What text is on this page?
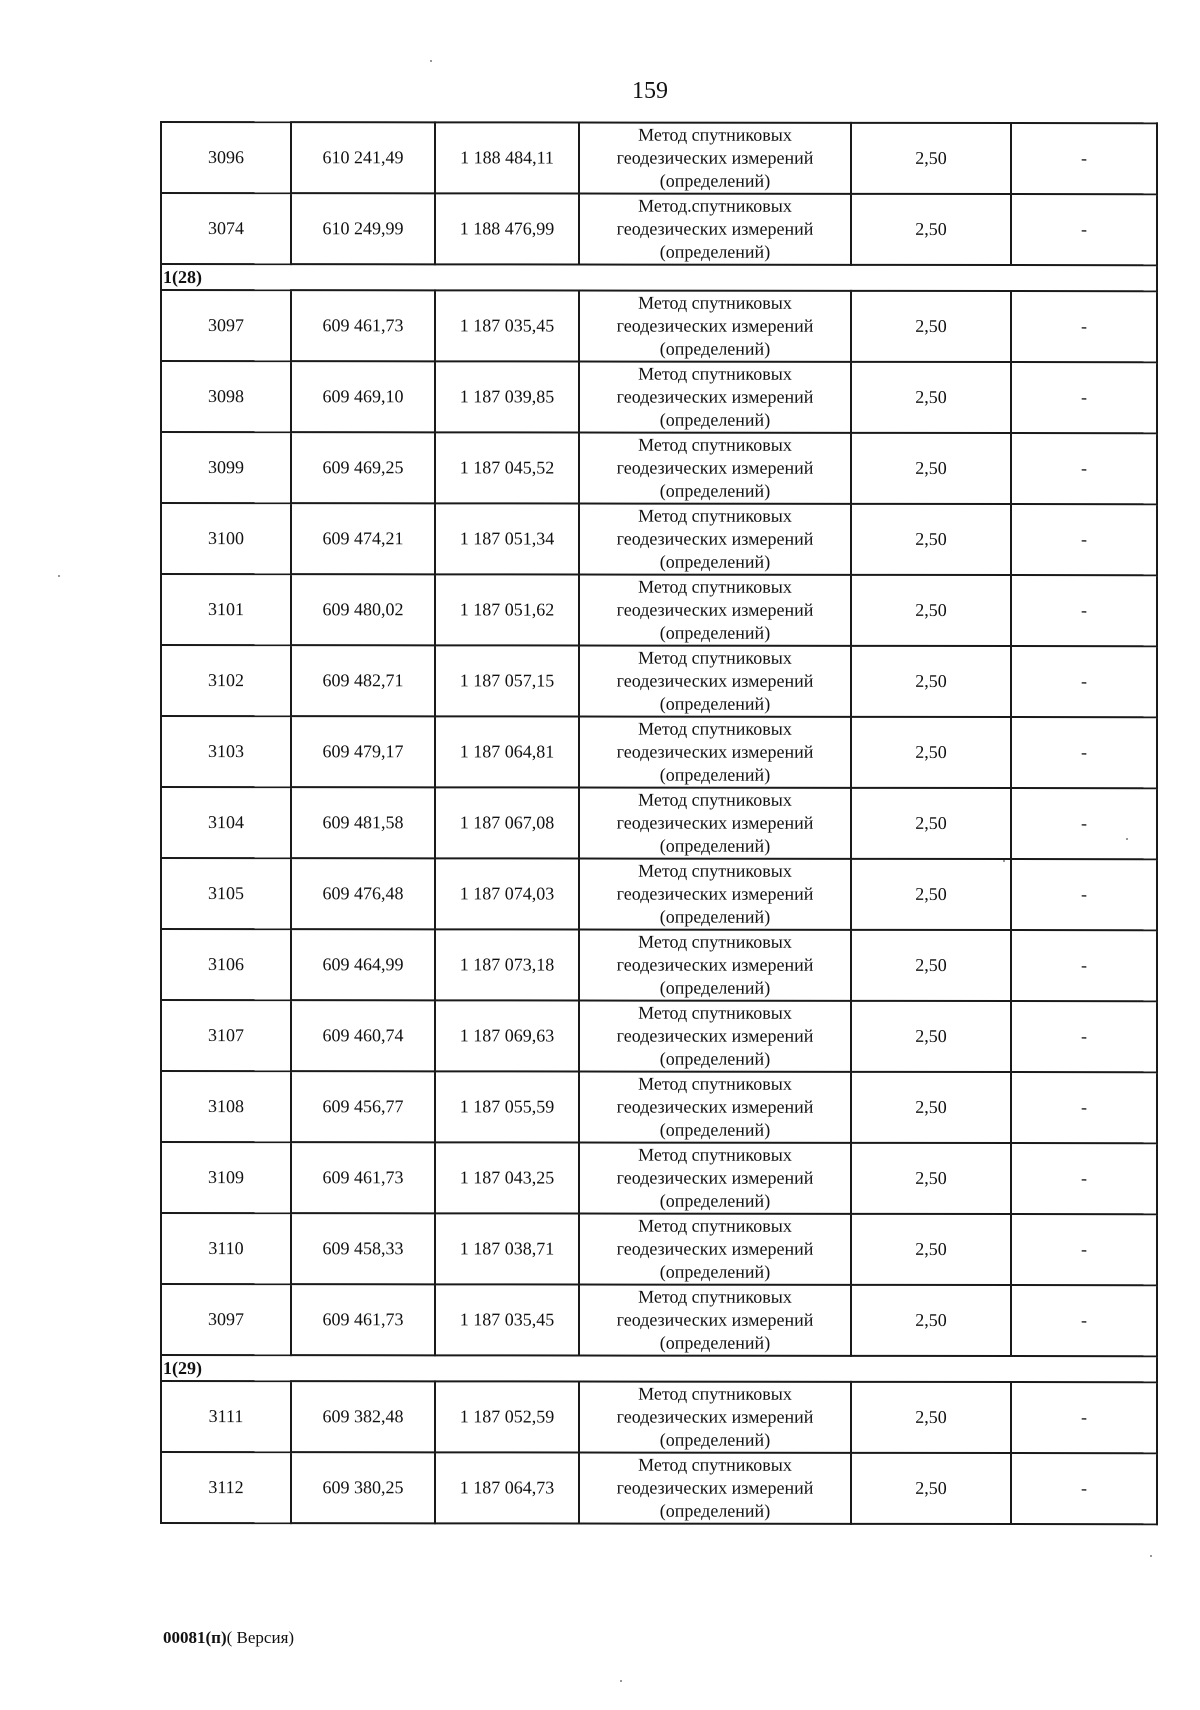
159
3096	610 241,49	1 188 484,11	Метод спутниковых
геодезических измерений
(определений)	2,50	-
3074	610 249,99	1 188 476,99	Метод.спутниковых
геодезических измерений
(определений)	2,50	-
1(28)					
3097	609 461,73	1 187 035,45	Метод спутниковых
геодезических измерений
(определений)	2,50	-
3098	609 469,10	1 187 039,85	Метод спутниковых
геодезических измерений
(определений)	2,50	-
3099	609 469,25	1 187 045,52	Метод спутниковых
геодезических измерений
(определений)	2,50	-
3100	609 474,21	1 187 051,34	Метод спутниковых
геодезических измерений
(определений)	2,50	-
3101	609 480,02	1 187 051,62	Метод спутниковых
геодезических измерений
(определений)	2,50	-
3102	609 482,71	1 187 057,15	Метод спутниковых
геодезических измерений
(определений)	2,50	-
3103	609 479,17	1 187 064,81	Метод спутниковых
геодезических измерений
(определений)	2,50	-
3104	609 481,58	1 187 067,08	Метод спутниковых
геодезических измерений
(определений)	2,50	-
3105	609 476,48	1 187 074,03	Метод спутниковых
геодезических измерений
(определений)	2,50	-
3106	609 464,99	1 187 073,18	Метод спутниковых
геодезических измерений
(определений)	2,50	-
3107	609 460,74	1 187 069,63	Метод спутниковых
геодезических измерений
(определений)	2,50	-
3108	609 456,77	1 187 055,59	Метод спутниковых
геодезических измерений
(определений)	2,50	-
3109	609 461,73	1 187 043,25	Метод спутниковых
геодезических измерений
(определений)	2,50	-
3110	609 458,33	1 187 038,71	Метод спутниковых
геодезических измерений
(определений)	2,50	-
3097	609 461,73	1 187 035,45	Метод спутниковых
геодезических измерений
(определений)	2,50	-
1(29)					
3111	609 382,48	1 187 052,59	Метод спутниковых
геодезических измерений
(определений)	2,50	-
3112	609 380,25	1 187 064,73	Метод спутниковых
геодезических измерений
(определений)	2,50	-
00081(п)( Версия)
